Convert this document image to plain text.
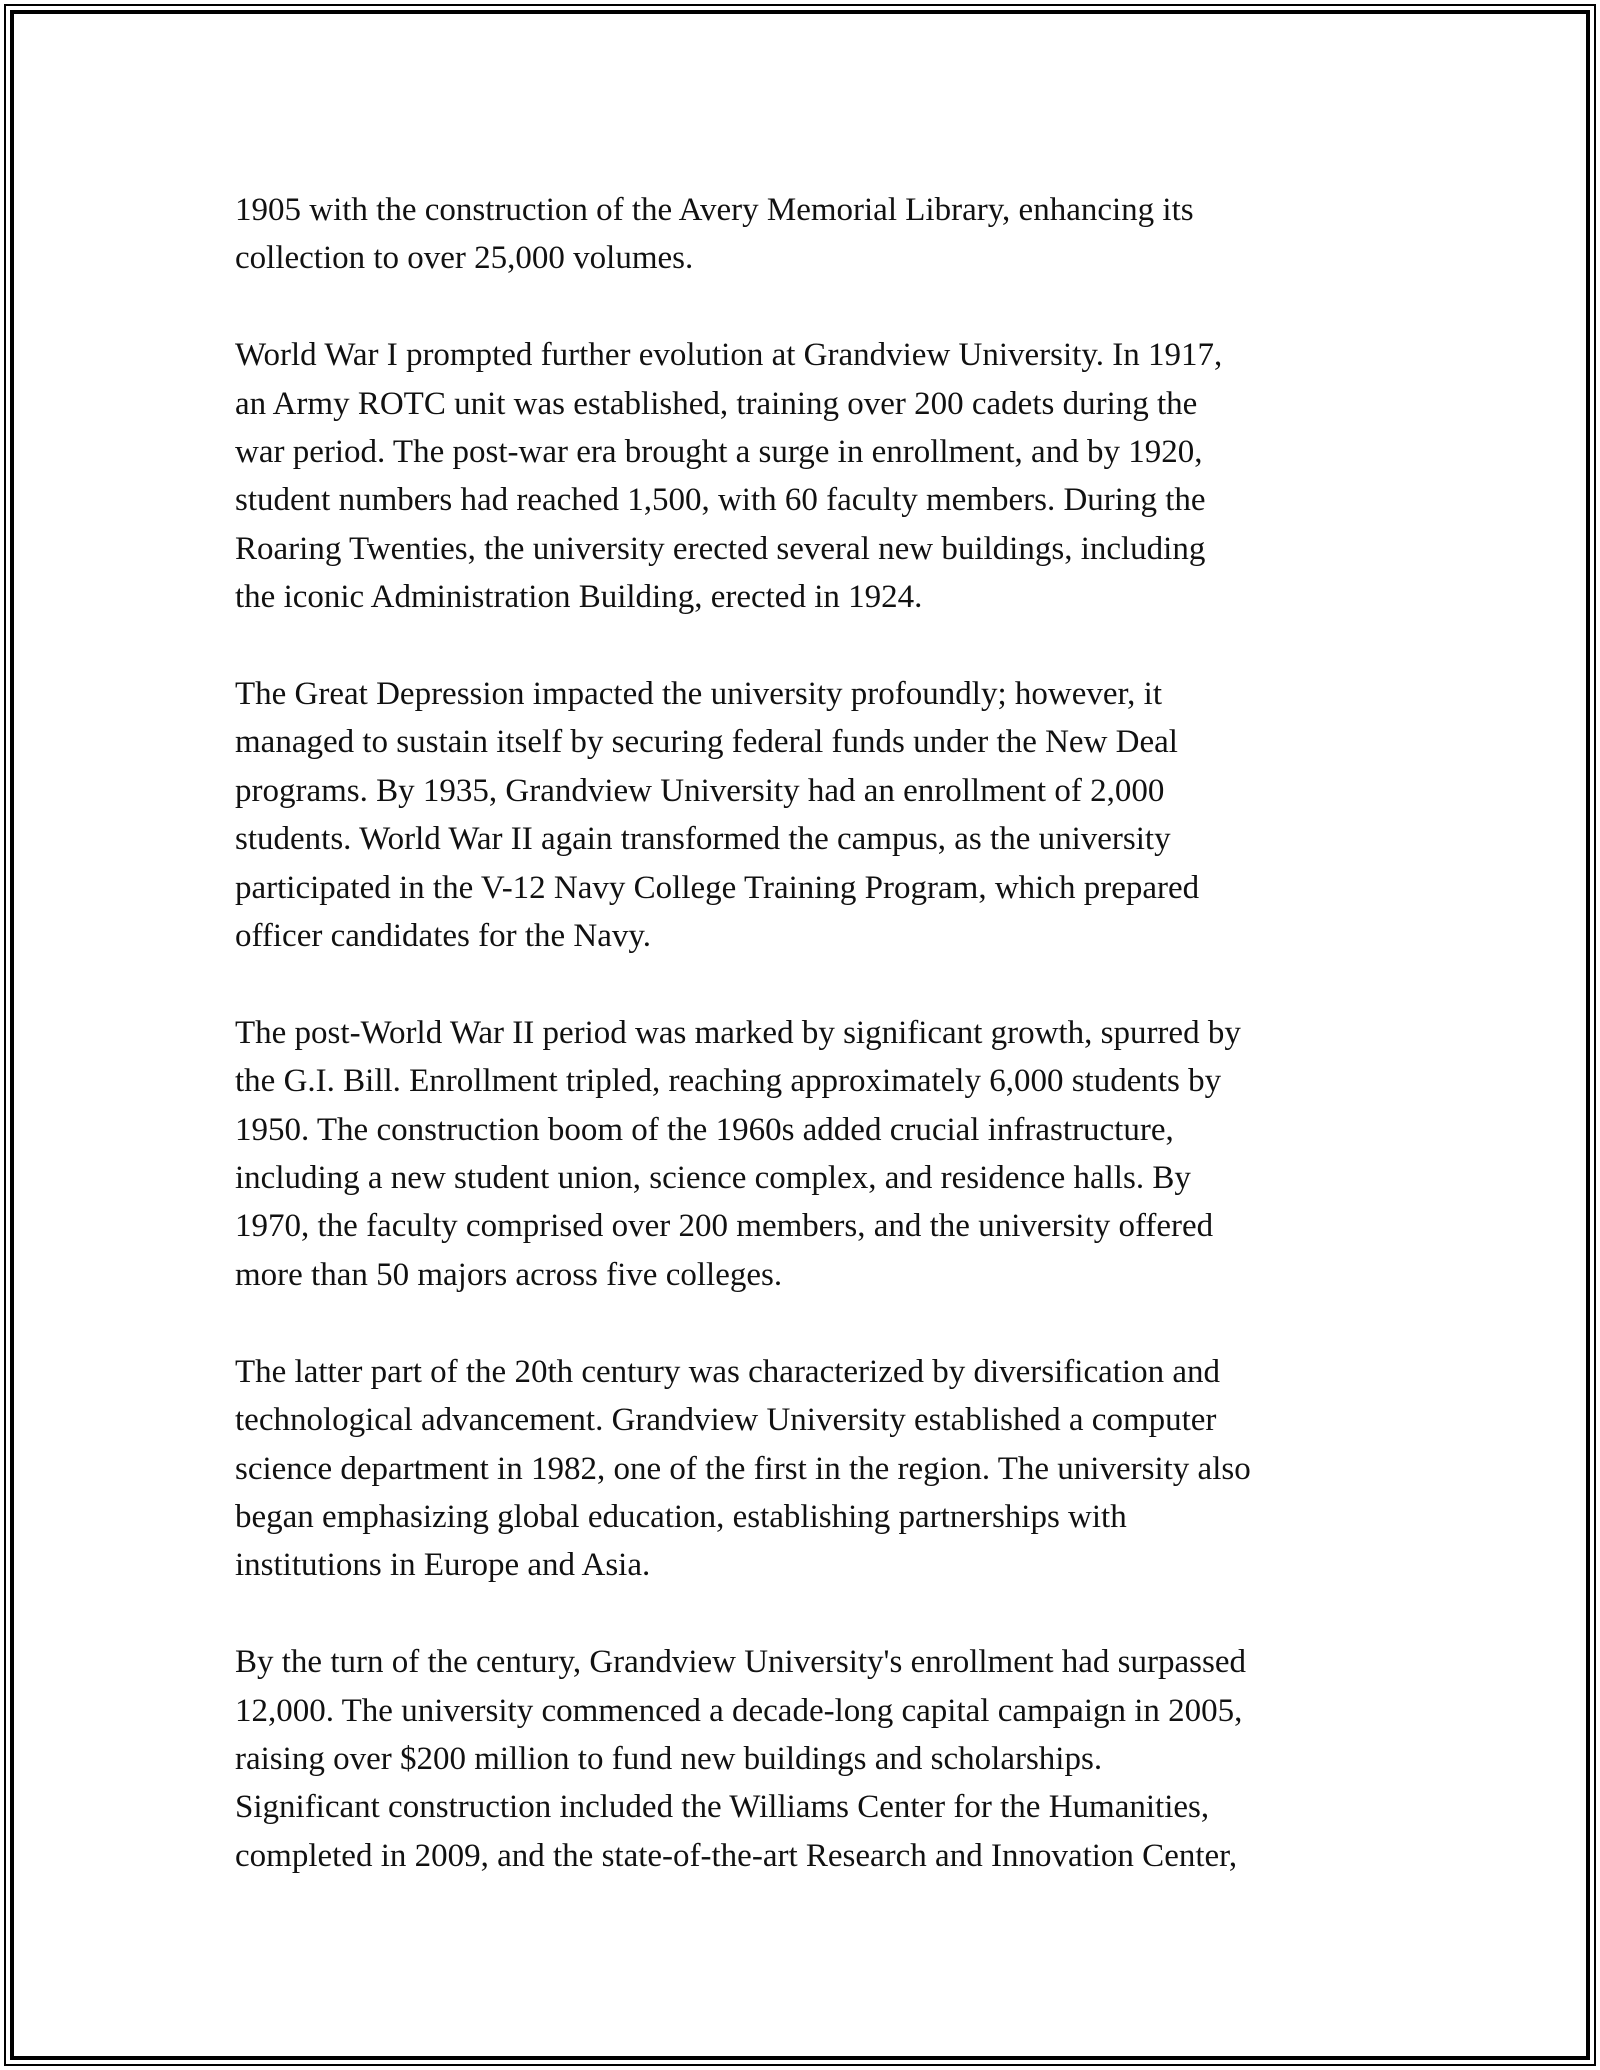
1905 with the construction of the Avery Memorial Library, enhancing its
collection to over 25,000 volumes.

World War I prompted further evolution at Grandview University. In 1917,
an Army ROTC unit was established, training over 200 cadets during the
war period. The post-war era brought a surge in enrollment, and by 1920,
student numbers had reached 1,500, with 60 faculty members. During the
Roaring Twenties, the university erected several new buildings, including
the iconic Administration Building, erected in 1924.

The Great Depression impacted the university profoundly; however, it
managed to sustain itself by securing federal funds under the New Deal
programs. By 1935, Grandview University had an enrollment of 2,000
students. World War II again transformed the campus, as the university
participated in the V-12 Navy College Training Program, which prepared
officer candidates for the Navy.

The post-World War II period was marked by significant growth, spurred by
the G.I. Bill. Enrollment tripled, reaching approximately 6,000 students by
1950. The construction boom of the 1960s added crucial infrastructure,
including a new student union, science complex, and residence halls. By
1970, the faculty comprised over 200 members, and the university offered
more than 50 majors across five colleges.

The latter part of the 20th century was characterized by diversification and
technological advancement. Grandview University established a computer
science department in 1982, one of the first in the region. The university also
began emphasizing global education, establishing partnerships with
institutions in Europe and Asia.

By the turn of the century, Grandview University's enrollment had surpassed
12,000. The university commenced a decade-long capital campaign in 2005,
raising over $200 million to fund new buildings and scholarships.
Significant construction included the Williams Center for the Humanities,
completed in 2009, and the state-of-the-art Research and Innovation Center,
